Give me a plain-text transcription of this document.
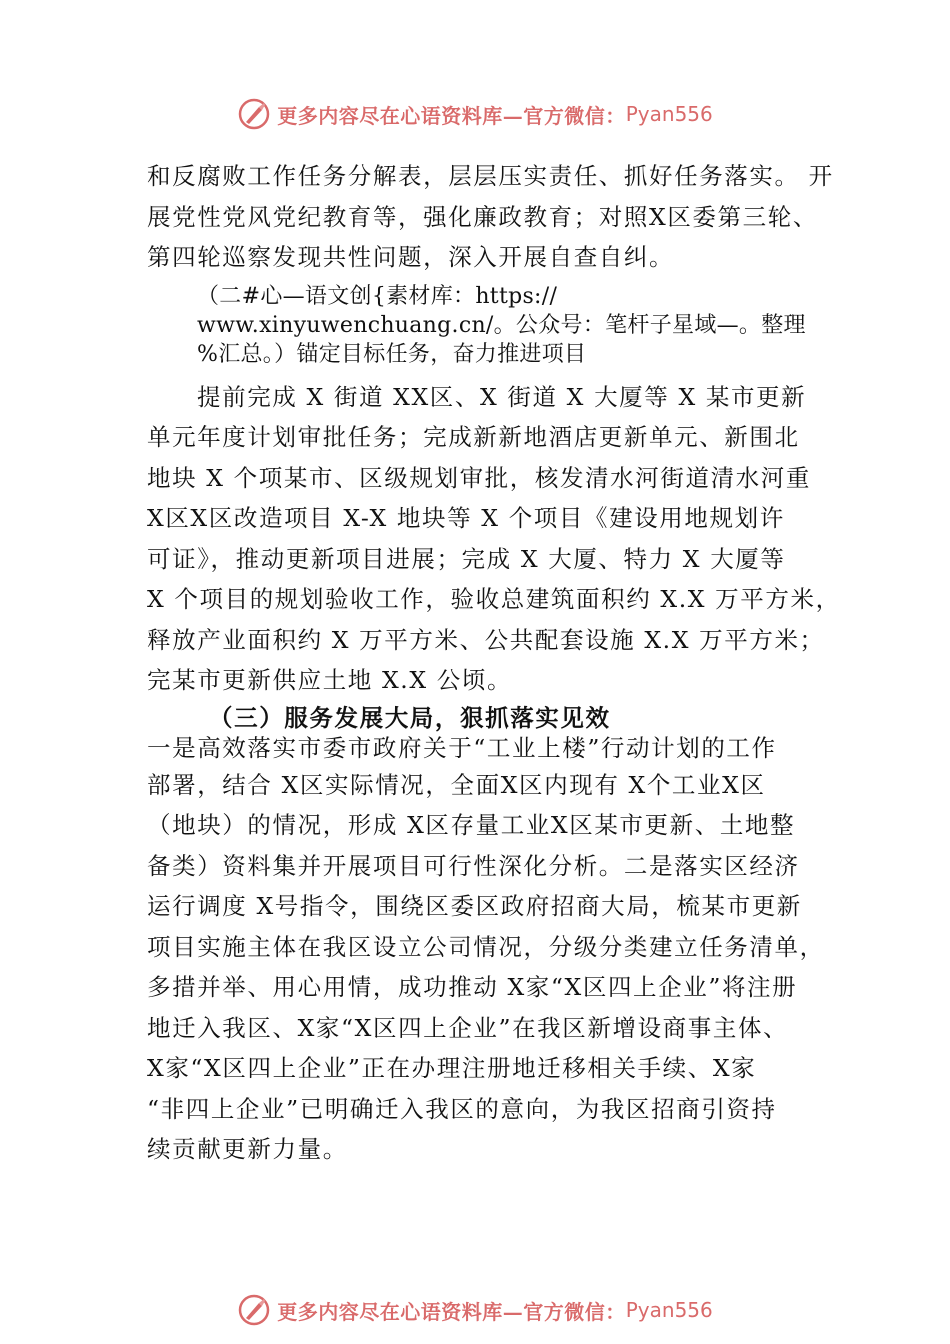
更多内容尽在心语资料库—官方微信： Pyan556
和反腐败工作任务分解表，层层压实责任、抓好任务落实。 开
展党性党风党纪教育等，强化廉政教育；对照X区委第三轮、
第四轮巡察发现共性问题，深入开展自查自纠。
（二#心—语文创{素材库：https://
www.xinyuwenchuang.cn/。公众号：笔杆子星域—。整理
%汇总。）锚定目标任务，奋力推进项目
提前完成 X 街道 XX区、X 街道 X 大厦等 X 某市更新
单元年度计划审批任务；完成新新地酒店更新单元、新围北
地块 X 个项某市、区级规划审批，核发清水河街道清水河重
X区X区改造项目 X-X 地块等 X 个项目《建设用地规划许
可证》，推动更新项目进展；完成 X 大厦、特力 X 大厦等
X 个项目的规划验收工作，验收总建筑面积约 X.X 万平方米，
释放产业面积约 X 万平方米、公共配套设施 X.X 万平方米；
完某市更新供应土地 X.X 公顷。
（三）服务发展大局，狠抓落实见效
一是高效落实市委市政府关于“工业上楼”行动计划的工作
部署，结合 X区实际情况，全面X区内现有 X个工业X区
（地块）的情况，形成 X区存量工业X区某市更新、土地整
备类）资料集并开展项目可行性深化分析。二是落实区经济
运行调度 X号指令，围绕区委区政府招商大局，梳某市更新
项目实施主体在我区设立公司情况，分级分类建立任务清单，
多措并举、用心用情，成功推动 X家“X区四上企业”将注册
地迁入我区、X家“X区四上企业”在我区新增设商事主体、
X家“X区四上企业”正在办理注册地迁移相关手续、X家
“非四上企业”已明确迁入我区的意向，为我区招商引资持
续贡献更新力量。
更多内容尽在心语资料库—官方微信： Pyan556
